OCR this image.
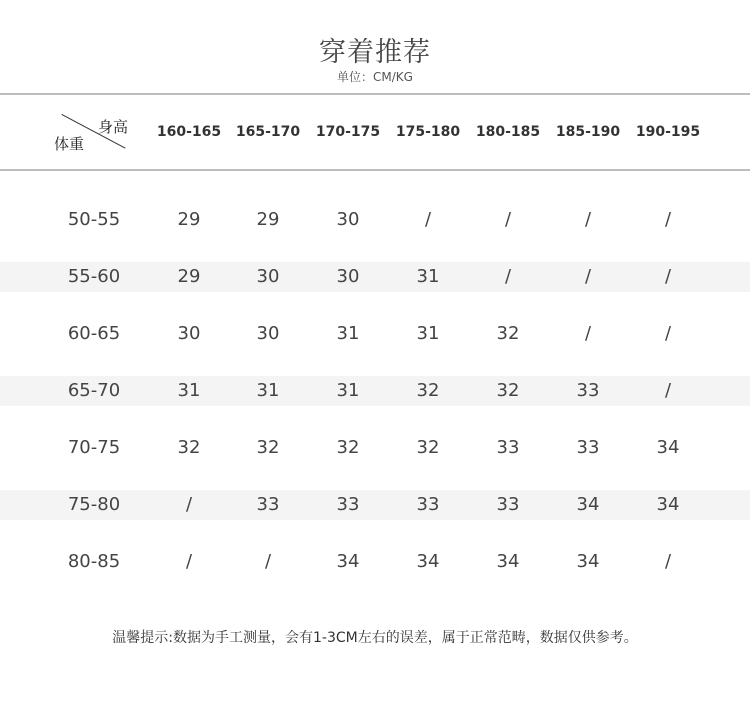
穿着推荐
单位：CM/KG
身高
体重
160-165	165-170	170-175	175-180	180-185	185-190	190-195
50-55	29	29	30	/	/	/	/
55-60	29	30	30	31	/	/	/
60-65	30	30	31	31	32	/	/
65-70	31	31	31	32	32	33	/
70-75	32	32	32	32	33	33	34
75-80	/	33	33	33	33	34	34
80-85	/	/	34	34	34	34	/
温馨提示:数据为手工测量，会有1-3CM左右的误差，属于正常范畴，数据仅供参考。
